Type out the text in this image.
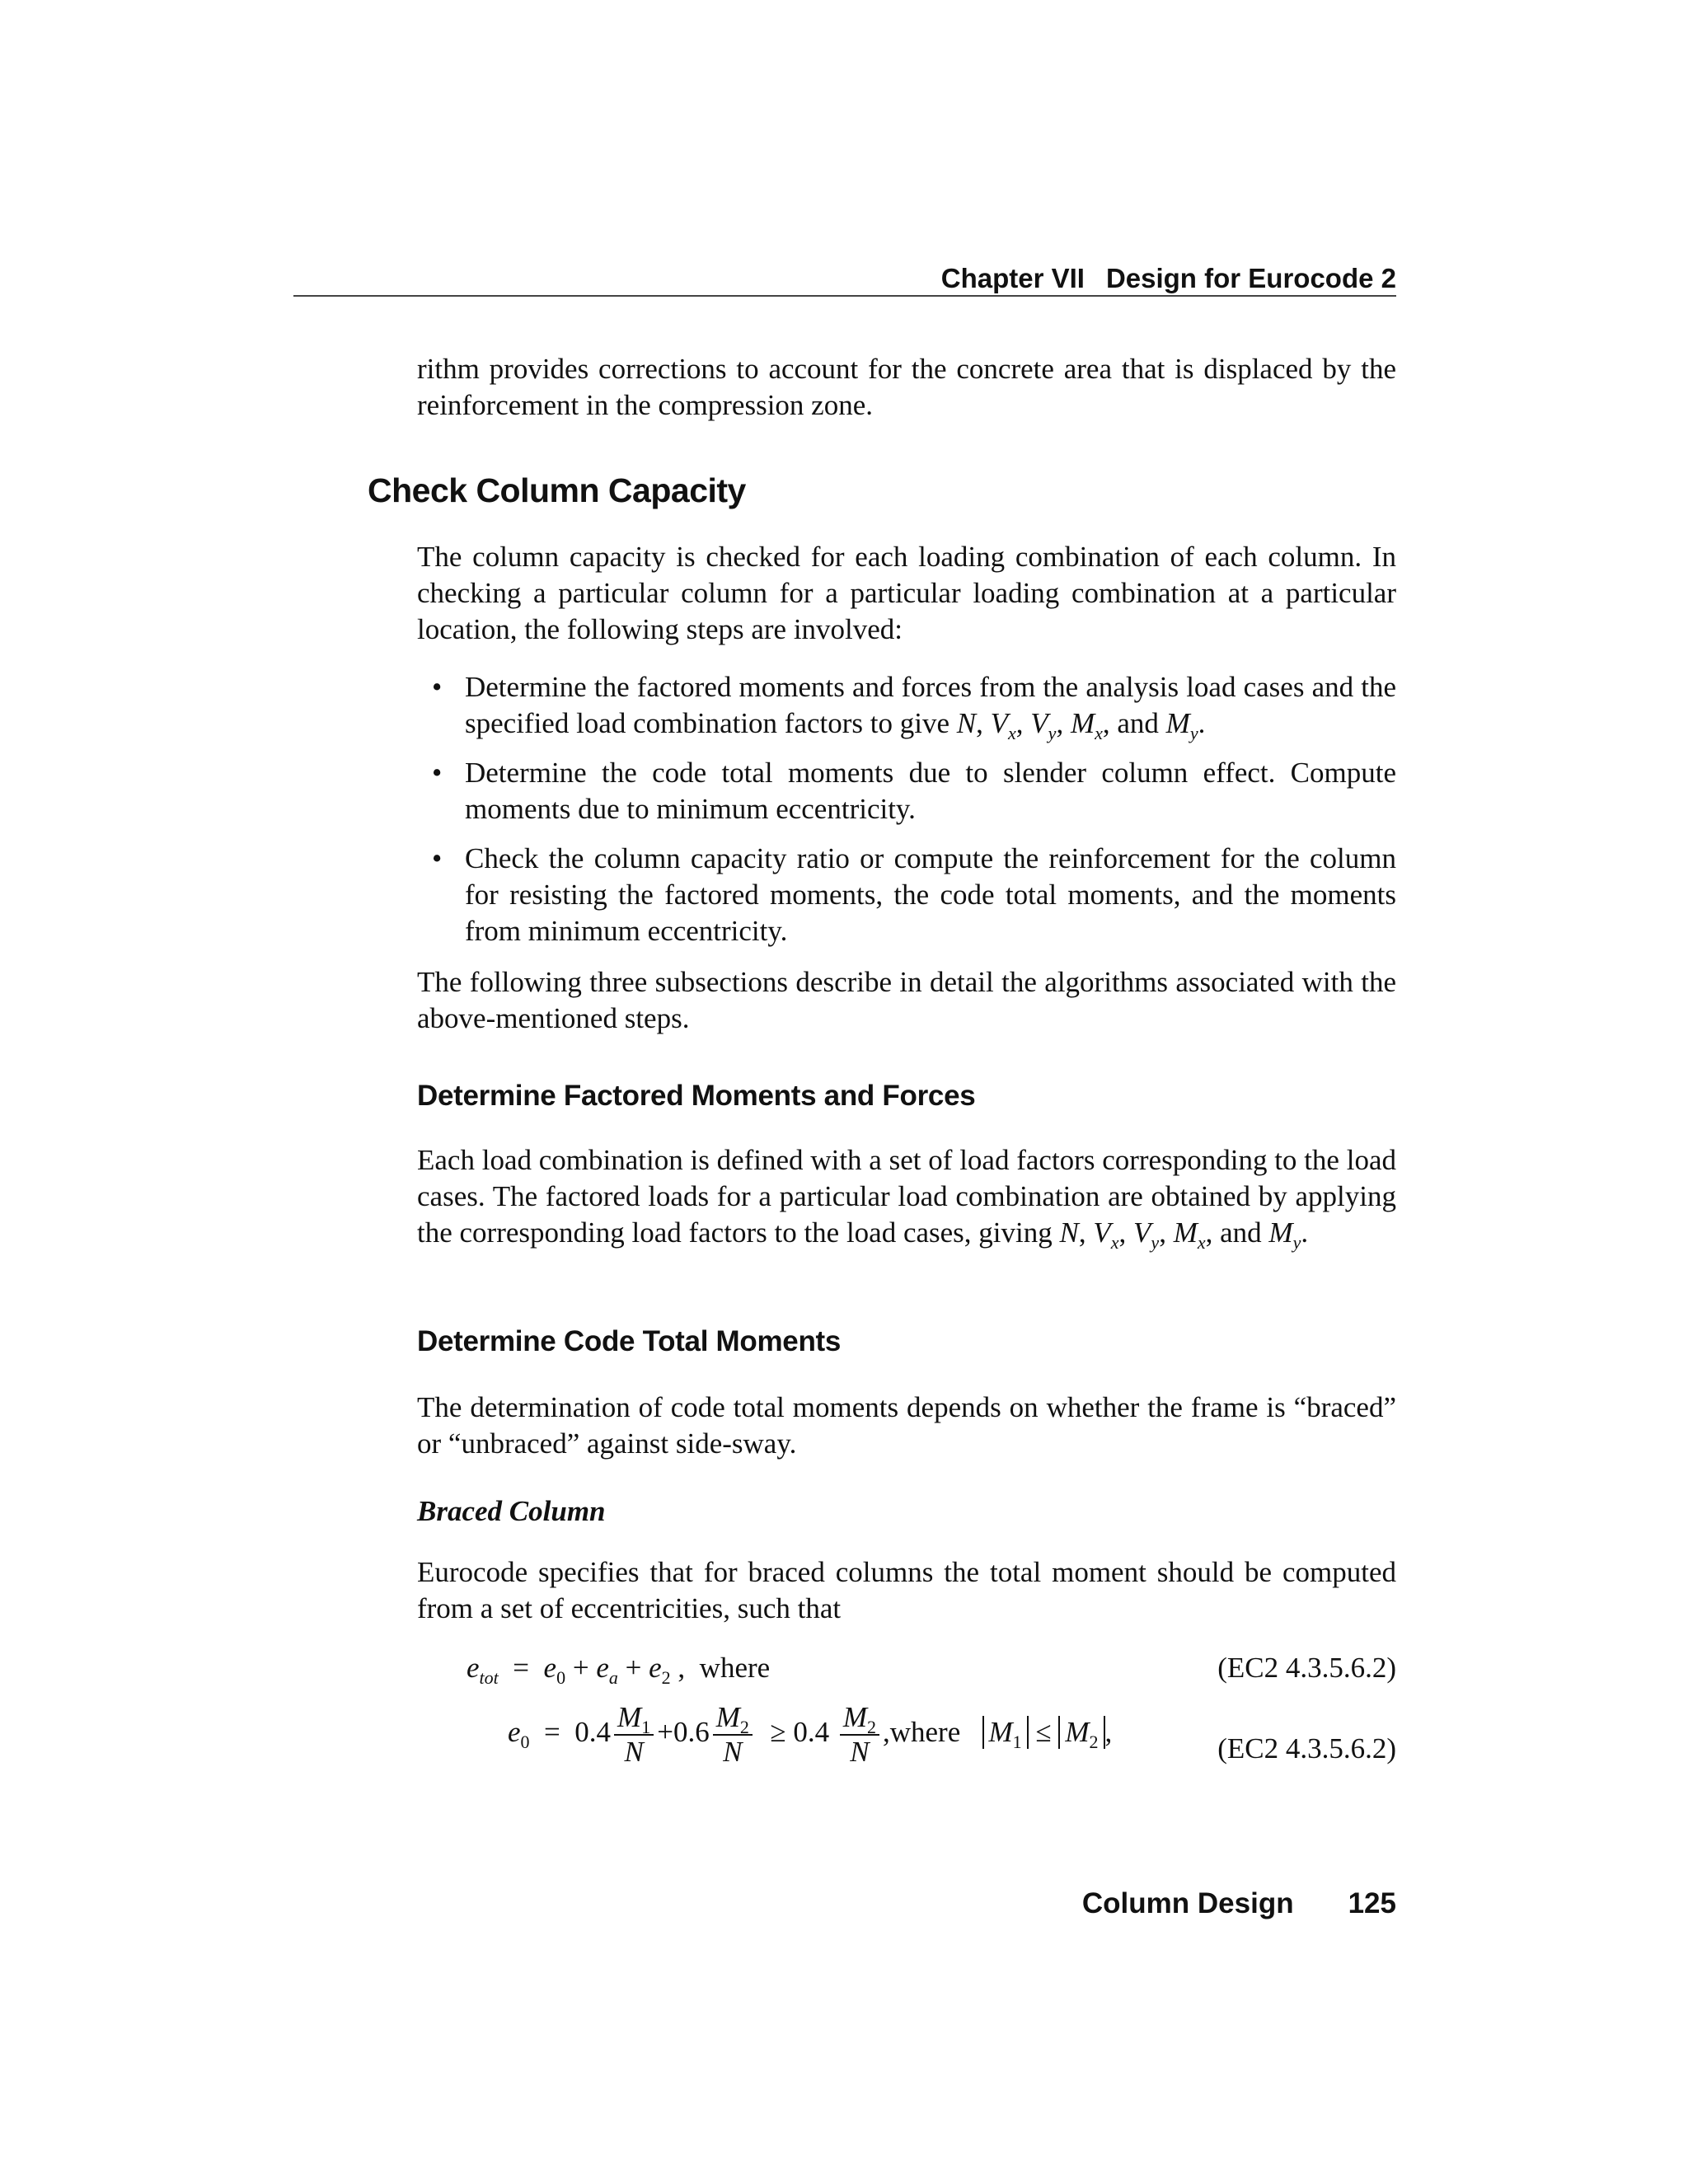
Chapter VII Design for Eurocode 2

rithm provides corrections to account for the concrete area that is displaced by the reinforcement in the compression zone.

Check Column Capacity

The column capacity is checked for each loading combination of each column. In checking a particular column for a particular loading combination at a particular location, the following steps are involved:

• Determine the factored moments and forces from the analysis load cases and the specified load combination factors to give N, $V_x$, $V_y$, $M_x$, and $M_y$.
• Determine the code total moments due to slender column effect. Compute moments due to minimum eccentricity.
• Check the column capacity ratio or compute the reinforcement for the column for resisting the factored moments, the code total moments, and the moments from minimum eccentricity.

The following three subsections describe in detail the algorithms associated with the above-mentioned steps.

Determine Factored Moments and Forces

Each load combination is defined with a set of load factors corresponding to the load cases. The factored loads for a particular load combination are obtained by applying the corresponding load factors to the load cases, giving N, $V_x$, $V_y$, $M_x$, and $M_y$.

Determine Code Total Moments

The determination of code total moments depends on whether the frame is “braced” or “unbraced” against side-sway.

Braced Column

Eurocode specifies that for braced columns the total moment should be computed from a set of eccentricities, such that

$e_{tot} = e_0 + e_a + e_2$ ,  where	(EC2 4.3.5.6.2)
$e_0 = 0.4 \frac{M_1}{N} +0.6 \frac{M_2}{N} \ge 0.4 \frac{M_2}{N}$ ,where $M_1 \le M_2$ ,
(EC2 4.3.5.6.2)
Column Design 125
